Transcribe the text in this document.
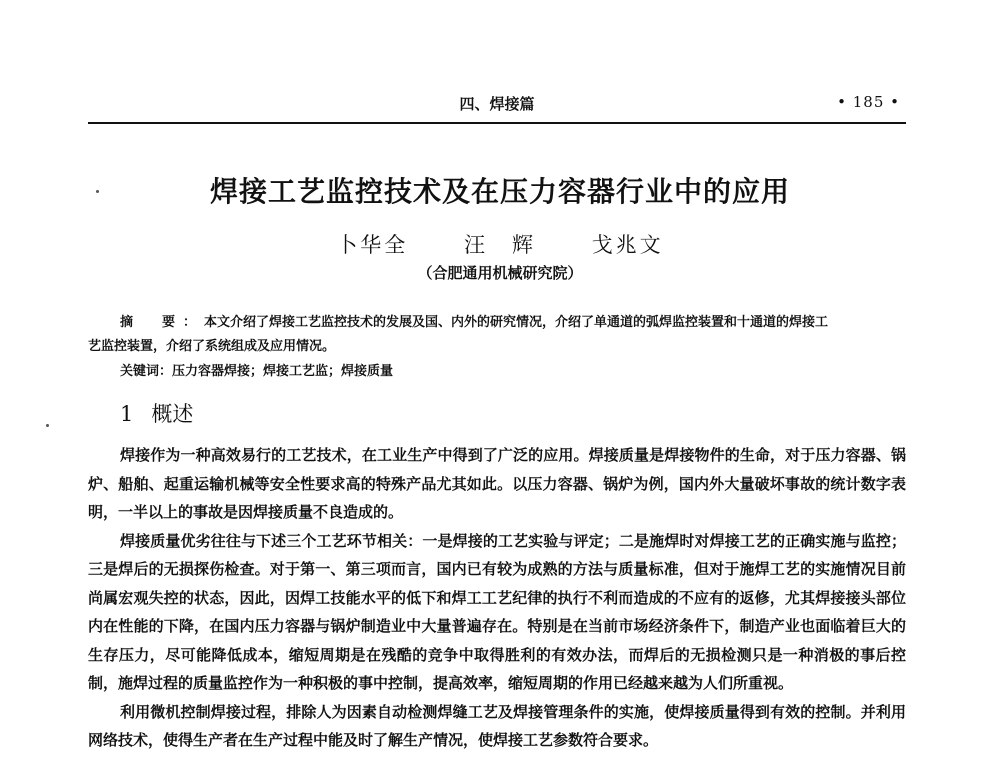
四、焊接篇	• 185 •
焊接工艺监控技术及在压力容器行业中的应用
卜华全	汪　辉	戈兆文
（合肥通用机械研究院）
摘　要：本文介绍了焊接工艺监控技术的发展及国、内外的研究情况，介绍了单通道的弧焊监控装置和十通道的焊接工
艺监控装置，介绍了系统组成及应用情况。
关键词：压力容器焊接；焊接工艺监；焊接质量
1 概述

焊接作为一种高效易行的工艺技术，在工业生产中得到了广泛的应用。焊接质量是焊接物件的生命，对于压力容器、锅炉、船舶、起重运输机械等安全性要求高的特殊产品尤其如此。以压力容器、锅炉为例，国内外大量破坏事故的统计数字表明，一半以上的事故是因焊接质量不良造成的。

焊接质量优劣往往与下述三个工艺环节相关：一是焊接的工艺实验与评定；二是施焊时对焊接工艺的正确实施与监控；三是焊后的无损探伤检查。对于第一、第三项而言，国内已有较为成熟的方法与质量标准，但对于施焊工艺的实施情况目前尚属宏观失控的状态，因此，因焊工技能水平的低下和焊工工艺纪律的执行不利而造成的不应有的返修，尤其焊接接头部位内在性能的下降，在国内压力容器与锅炉制造业中大量普遍存在。特别是在当前市场经济条件下，制造产业也面临着巨大的生存压力，尽可能降低成本，缩短周期是在残酷的竞争中取得胜利的有效办法，而焊后的无损检测只是一种消极的事后控制，施焊过程的质量监控作为一种积极的事中控制，提高效率，缩短周期的作用已经越来越为人们所重视。

利用微机控制焊接过程，排除人为因素自动检测焊缝工艺及焊接管理条件的实施，使焊接质量得到有效的控制。并利用网络技术，使得生产者在生产过程中能及时了解生产情况，使焊接工艺参数符合要求。
